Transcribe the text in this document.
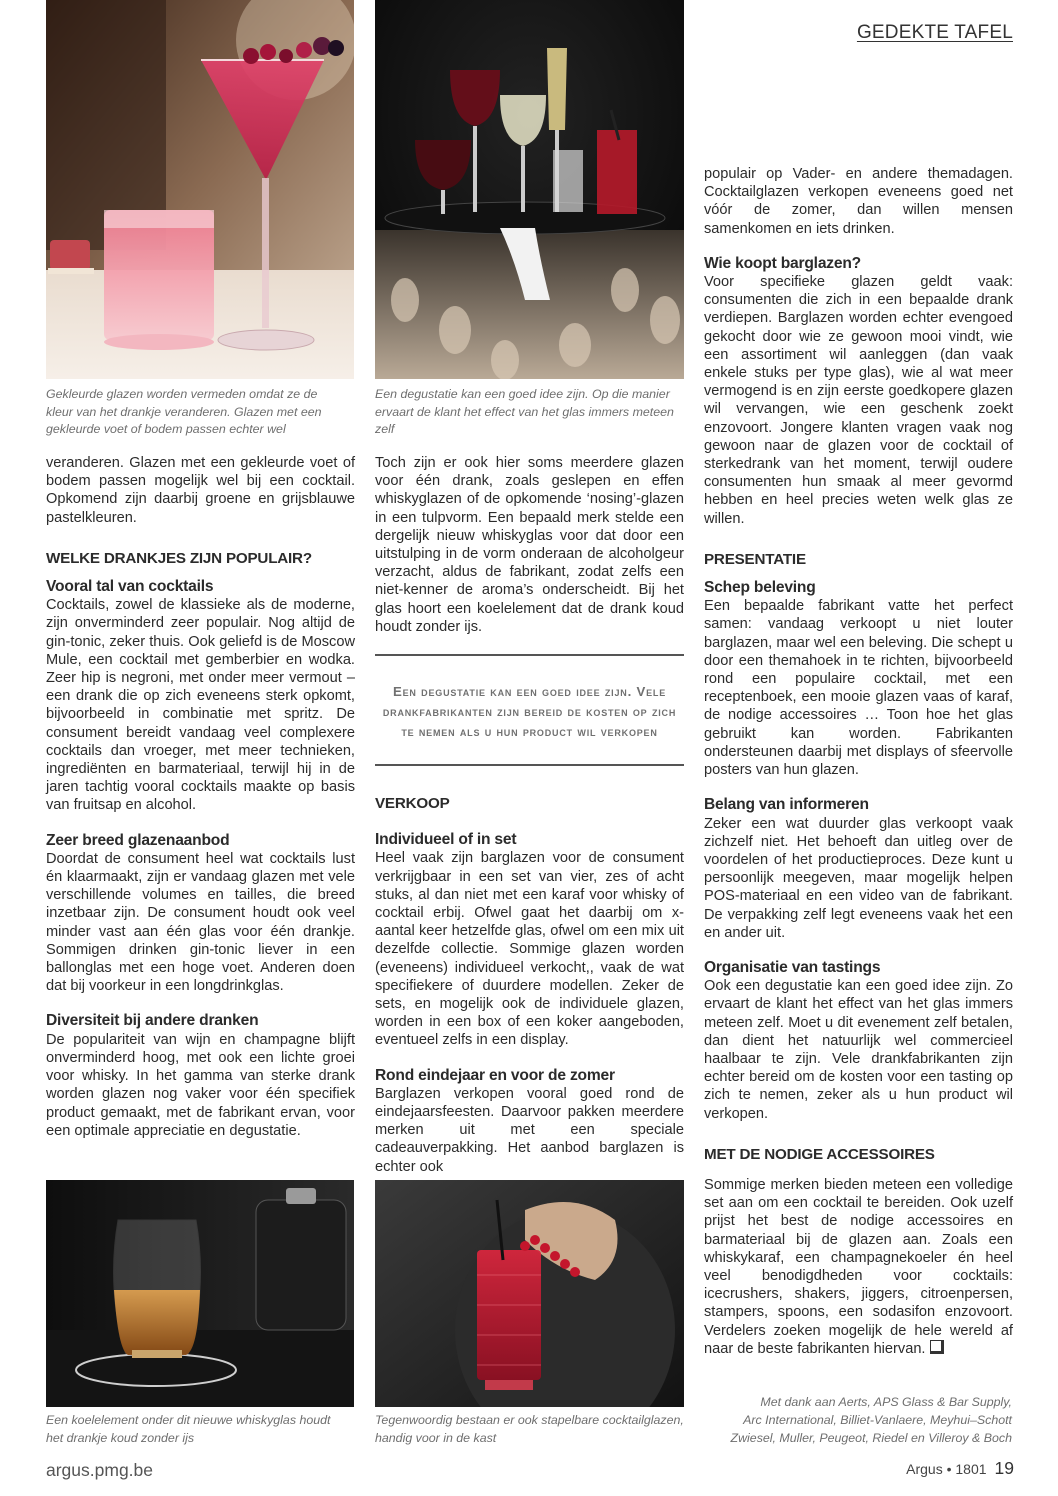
GEDEKTE TAFEL
Gekleurde glazen worden vermeden omdat ze de kleur van het drankje veranderen. Glazen met een gekleurde voet of bodem passen echter wel
Een degustatie kan een goed idee zijn. Op die manier ervaart de klant het effect van het glas immers meteen zelf

veranderen. Glazen met een gekleurde voet of bodem passen mogelijk wel bij een cocktail. Opkomend zijn daarbij groene en grijsblauwe pastelkleuren.

WELKE DRANKJES ZIJN POPULAIR?
Vooral tal van cocktails

Cocktails, zowel de klassieke als de moderne, zijn onverminderd zeer populair. Nog altijd de gin-tonic, zeker thuis. Ook geliefd is de Moscow Mule, een cocktail met gemberbier en wodka. Zeer hip is negroni, met onder meer vermout – een drank die op zich eveneens sterk opkomt, bijvoorbeeld in combinatie met spritz. De consument bereidt vandaag veel complexere cocktails dan vroeger, met meer technieken, ingrediënten en barmateriaal, terwijl hij in de jaren tachtig vooral cocktails maakte op basis van fruitsap en alcohol.

Zeer breed glazenaanbod

Doordat de consument heel wat cocktails lust én klaarmaakt, zijn er vandaag glazen met vele verschillende volumes en tailles, die breed inzetbaar zijn. De consument houdt ook veel minder vast aan één glas voor één drankje. Sommigen drinken gin-tonic liever in een ballonglas met een hoge voet. Anderen doen dat bij voorkeur in een longdrinkglas.

Diversiteit bij andere dranken

De populariteit van wijn en champagne blijft onverminderd hoog, met ook een lichte groei voor whisky. In het gamma van sterke drank worden glazen nog vaker voor één specifiek product gemaakt, met de fabrikant ervan, voor een optimale appreciatie en degustatie.

Toch zijn er ook hier soms meerdere glazen voor één drank, zoals geslepen en effen whiskyglazen of de opkomende ‘nosing’-glazen in een tulpvorm. Een bepaald merk stelde een dergelijk nieuw whiskyglas voor dat door een uitstulping in de vorm onderaan de alcoholgeur verzacht, aldus de fabrikant, zodat zelfs een niet-kenner de aroma’s onderscheidt. Bij het glas hoort een koelelement dat de drank koud houdt zonder ijs.

Een degustatie kan een goed idee zijn. Vele drankfabrikanten zijn bereid de kosten op zich te nemen als u hun product wil verkopen
VERKOOP
Individueel of in set

Heel vaak zijn barglazen voor de consument verkrijgbaar in een set van vier, zes of acht stuks, al dan niet met een karaf voor whisky of cocktail erbij. Ofwel gaat het daarbij om x-aantal keer hetzelfde glas, ofwel om een mix uit dezelfde collectie. Sommige glazen worden (eveneens) individueel verkocht,, vaak de wat specifiekere of duurdere modellen. Zeker de sets, en mogelijk ook de individuele glazen, worden in een box of een koker aangeboden, eventueel zelfs in een display.

Rond eindejaar en voor de zomer

Barglazen verkopen vooral goed rond de eindejaarsfeesten. Daarvoor pakken meerdere merken uit met een speciale cadeauverpakking. Het aanbod barglazen is echter ook

populair op Vader- en andere themadagen. Cocktailglazen verkopen eveneens goed net vóór de zomer, dan willen mensen samenkomen en iets drinken.

Wie koopt barglazen?

Voor specifieke glazen geldt vaak: consumenten die zich in een bepaalde drank verdiepen. Barglazen worden echter evengoed gekocht door wie ze gewoon mooi vindt, wie een assortiment wil aanleggen (dan vaak enkele stuks per type glas), wie al wat meer vermogend is en zijn eerste goedkopere glazen wil vervangen, wie een geschenk zoekt enzovoort. Jongere klanten vragen vaak nog gewoon naar de glazen voor de cocktail of sterkedrank van het moment, terwijl oudere consumenten hun smaak al meer gevormd hebben en heel precies weten welk glas ze willen.

PRESENTATIE
Schep beleving

Een bepaalde fabrikant vatte het perfect samen: vandaag verkoopt u niet louter barglazen, maar wel een beleving. Die schept u door een themahoek in te richten, bijvoorbeeld rond een populaire cocktail, met een receptenboek, een mooie glazen vaas of karaf, de nodige accessoires … Toon hoe het glas gebruikt kan worden. Fabrikanten ondersteunen daarbij met displays of sfeervolle posters van hun glazen.

Belang van informeren

Zeker een wat duurder glas verkoopt vaak zichzelf niet. Het behoeft dan uitleg over de voordelen of het productieproces. Deze kunt u persoonlijk meegeven, maar mogelijk helpen POS-materiaal en een video van de fabrikant. De verpakking zelf legt eveneens vaak het een en ander uit.

Organisatie van tastings

Ook een degustatie kan een goed idee zijn. Zo ervaart de klant het effect van het glas immers meteen zelf. Moet u dit evenement zelf betalen, dan dient het natuurlijk wel commercieel haalbaar te zijn. Vele drankfabrikanten zijn echter bereid om de kosten voor een tasting op zich te nemen, zeker als u hun product wil verkopen.

MET DE NODIGE ACCESSOIRES

Sommige merken bieden meteen een volledige set aan om een cocktail te bereiden. Ook uzelf prijst het best de nodige accessoires en barmateriaal bij de glazen aan. Zoals een whiskykaraf, een champagnekoeler én heel veel benodigdheden voor cocktails: icecrushers, shakers, jiggers, citroenpersen, stampers, spoons, een sodasifon enzovoort. Verdelers zoeken mogelijk de hele wereld af naar de beste fabrikanten hiervan.

Een koelelement onder dit nieuwe whiskyglas houdt het drankje koud zonder ijs
Tegenwoordig bestaan er ook stapelbare cocktailglazen, handig voor in de kast
Met dank aan Aerts, APS Glass & Bar Supply,
Arc International, Billiet-Vanlaere, Meyhui–Schott
Zwiesel, Muller, Peugeot, Riedel en Villeroy & Boch
argus.pmg.be	Argus • 1801 19
